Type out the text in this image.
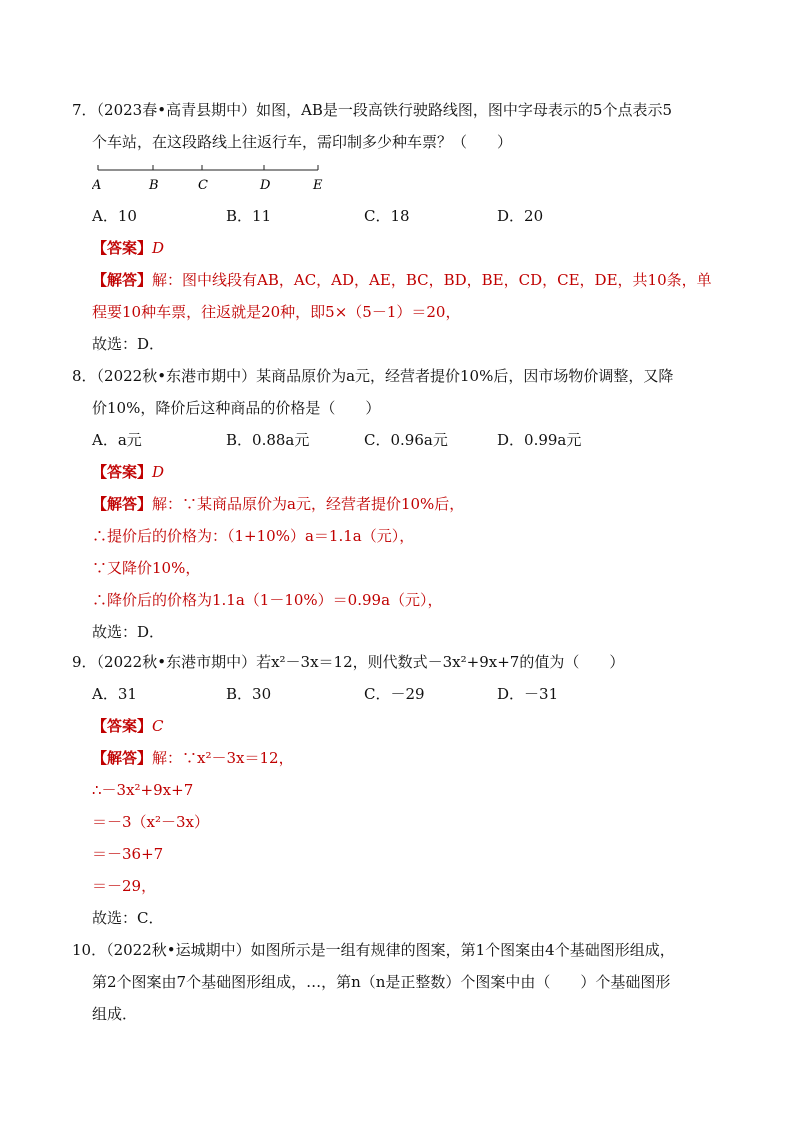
7．（2023春•高青县期中）如图，AB是一段高铁行驶路线图，图中字母表示的5个点表示5
个车站，在这段路线上往返行车，需印制多少种车票？（　　）
A	B	C	D	E
A．10	B．11	C．18	D．20
【答案】D
【解答】解：图中线段有AB，AC，AD，AE，BC，BD，BE，CD，CE，DE，共10条，单
程要10种车票，往返就是20种，即5×（5－1）＝20，
故选：D．
8．（2022秋•东港市期中）某商品原价为a元，经营者提价10%后，因市场物价调整，又降
价10%，降价后这种商品的价格是（　　）
A．a元	B．0.88a元	C．0.96a元	D．0.99a元
【答案】D
【解答】解：∵某商品原价为a元，经营者提价10%后，
∴提价后的价格为：（1+10%）a＝1.1a（元），
∵又降价10%，
∴降价后的价格为1.1a（1－10%）＝0.99a（元），
故选：D．
9．（2022秋•东港市期中）若x²－3x＝12，则代数式－3x²+9x+7的值为（　　）
A．31	B．30	C．－29	D．－31
【答案】C
【解答】解：∵x²－3x＝12，
∴－3x²+9x+7
＝－3（x²－3x）
＝－36+7
＝－29，
故选：C．
10．（2022秋•运城期中）如图所示是一组有规律的图案，第1个图案由4个基础图形组成，
第2个图案由7个基础图形组成，…，第n（n是正整数）个图案中由（　　）个基础图形
组成．
